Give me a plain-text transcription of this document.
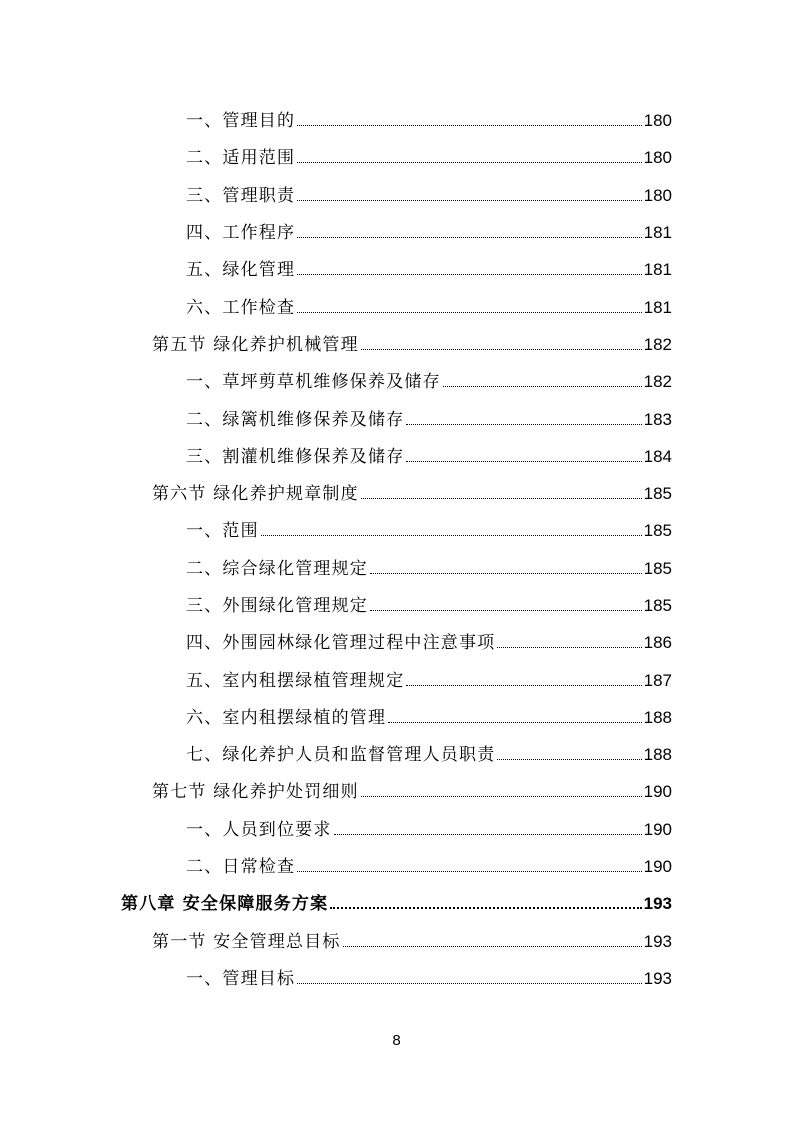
一、管理目的	180
二、适用范围	180
三、管理职责	180
四、工作程序	181
五、绿化管理	181
六、工作检查	181
第五节 绿化养护机械管理	182
一、草坪剪草机维修保养及储存	182
二、绿篱机维修保养及储存	183
三、割灌机维修保养及储存	184
第六节 绿化养护规章制度	185
一、范围	185
二、综合绿化管理规定	185
三、外围绿化管理规定	185
四、外围园林绿化管理过程中注意事项	186
五、室内租摆绿植管理规定	187
六、室内租摆绿植的管理	188
七、绿化养护人员和监督管理人员职责	188
第七节 绿化养护处罚细则	190
一、人员到位要求	190
二、日常检查	190
第八章 安全保障服务方案	193
第一节 安全管理总目标	193
一、管理目标	193
8
